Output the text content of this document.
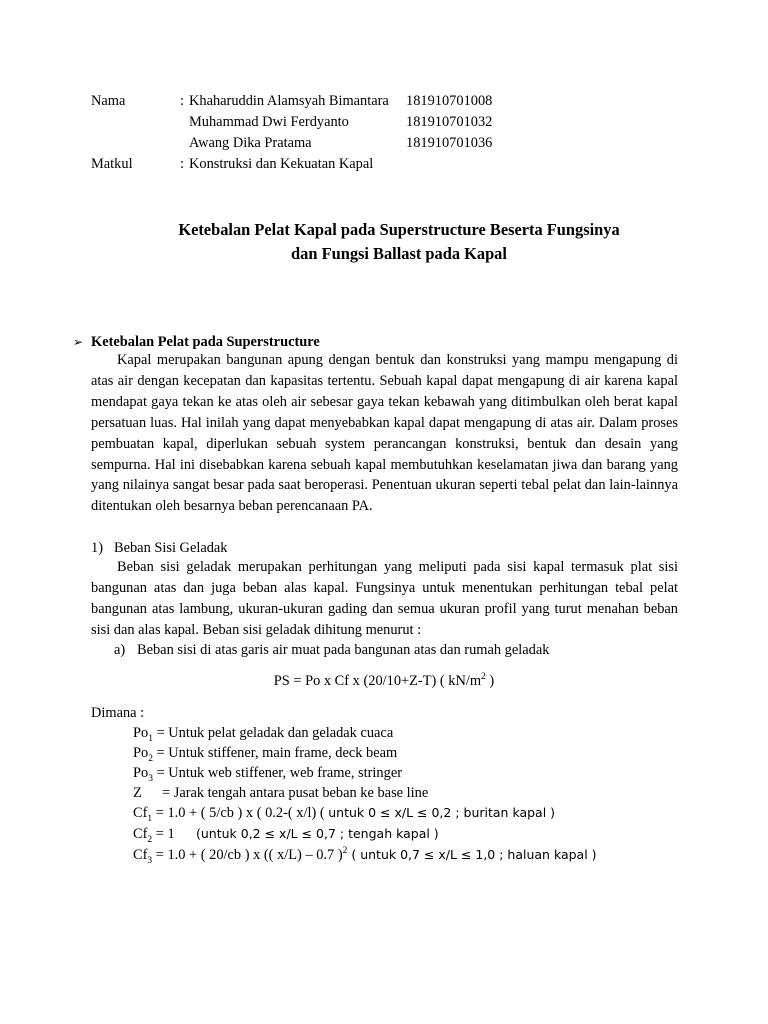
Nama	: Khaharuddin Alamsyah Bimantara 181910701008
Muhammad Dwi Ferdyanto	181910701032
Awang Dika Pratama	181910701036
Matkul	: Konstruksi dan Kekuatan Kapal
Ketebalan Pelat Kapal pada Superstructure Beserta Fungsinya
dan Fungsi Ballast pada Kapal
➢ Ketebalan Pelat pada Superstructure
Kapal merupakan bangunan apung dengan bentuk dan konstruksi yang mampu mengapung di atas air dengan kecepatan dan kapasitas tertentu. Sebuah kapal dapat mengapung di air karena kapal mendapat gaya tekan ke atas oleh air sebesar gaya tekan kebawah yang ditimbulkan oleh berat kapal persatuan luas. Hal inilah yang dapat menyebabkan kapal dapat mengapung di atas air. Dalam proses pembuatan kapal, diperlukan sebuah system perancangan konstruksi, bentuk dan desain yang sempurna. Hal ini disebabkan karena sebuah kapal membutuhkan keselamatan jiwa dan barang yang yang nilainya sangat besar pada saat beroperasi. Penentuan ukuran seperti tebal pelat dan lain-lainnya ditentukan oleh besarnya beban perencanaan PA.
1) Beban Sisi Geladak
Beban sisi geladak merupakan perhitungan yang meliputi pada sisi kapal termasuk plat sisi bangunan atas dan juga beban alas kapal. Fungsinya untuk menentukan perhitungan tebal pelat bangunan atas lambung, ukuran-ukuran gading dan semua ukuran profil yang turut menahan beban sisi dan alas kapal. Beban sisi geladak dihitung menurut :
a) Beban sisi di atas garis air muat pada bangunan atas dan rumah geladak
PS = Po x Cf x (20/10+Z-T) ( $kN/m^2$ )
Dimana :
$Po_1$ = Untuk pelat geladak dan geladak cuaca
$Po_2$ = Untuk stiffener, main frame, deck beam
$Po_3$ = Untuk web stiffener, web frame, stringer
Z = Jarak tengah antara pusat beban ke base line
$Cf_1 = 1.0$ + ( 5/cb ) x ( 0.2-( x/l) ( untuk 0 ≤ x/L ≤ 0,2 ; buritan kapal )
$Cf_2 = 1$ (untuk 0,2 ≤ x/L ≤ 0,7 ; tengah kapal )
$Cf_3 = 1.0$ + ( 20/cb ) x (( x/L) – 0.7 )$^2$ ( untuk 0,7 ≤ x/L ≤ 1,0 ; haluan kapal )
